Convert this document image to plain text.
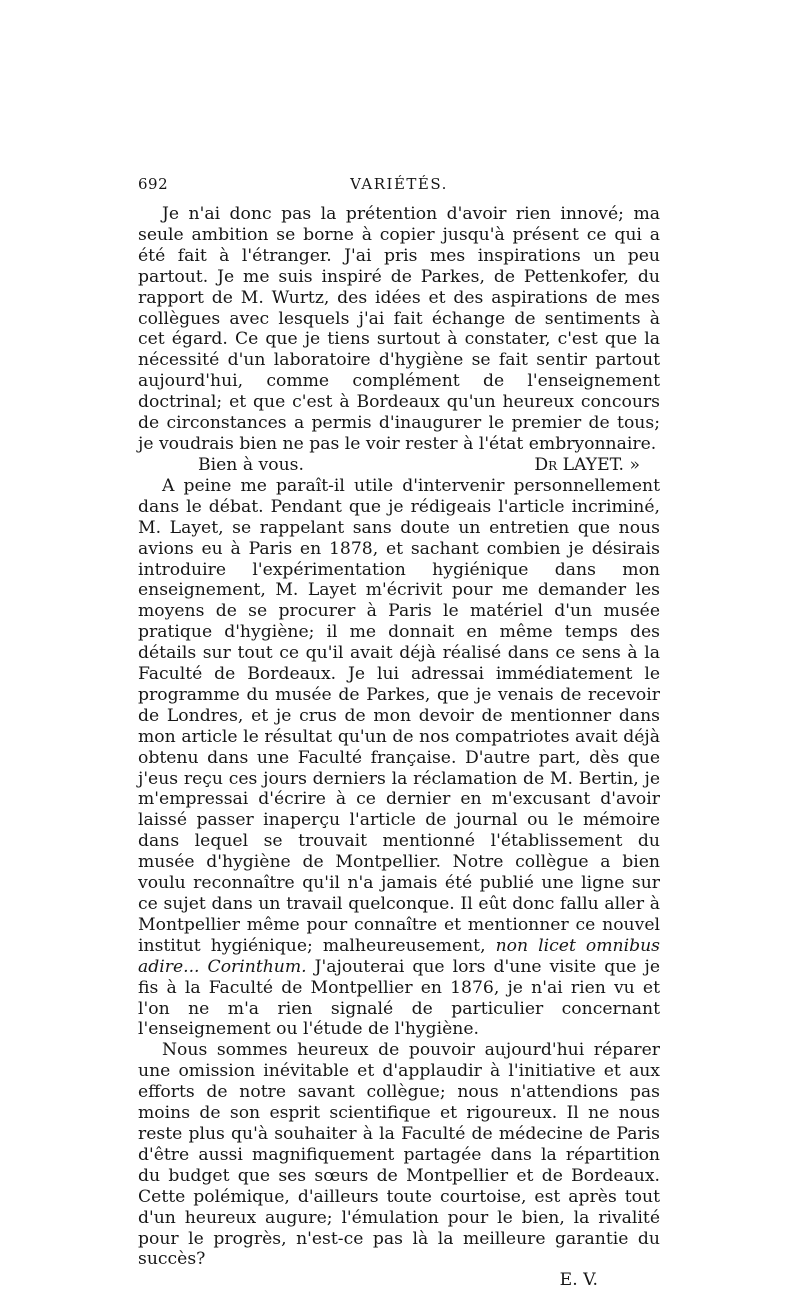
692	VARIÉTÉS.

Je n'ai donc pas la prétention d'avoir rien innové; ma seule ambition se borne à copier jusqu'à présent ce qui a été fait à l'étranger. J'ai pris mes inspirations un peu partout. Je me suis inspiré de Parkes, de Pettenkofer, du rapport de M. Wurtz, des idées et des aspirations de mes collègues avec lesquels j'ai fait échange de sentiments à cet égard. Ce que je tiens surtout à constater, c'est que la nécessité d'un laboratoire d'hygiène se fait sentir partout aujourd'hui, comme complément de l'enseignement doctrinal; et que c'est à Bordeaux qu'un heureux concours de circonstances a permis d'inaugurer le premier de tous; je voudrais bien ne pas le voir rester à l'état embryonnaire.

Bien à vous.	Dr LAYET. »

A peine me paraît-il utile d'intervenir personnellement dans le débat. Pendant que je rédigeais l'article incriminé, M. Layet, se rappelant sans doute un entretien que nous avions eu à Paris en 1878, et sachant combien je désirais introduire l'expérimentation hygiénique dans mon enseignement, M. Layet m'écrivit pour me demander les moyens de se procurer à Paris le matériel d'un musée pratique d'hygiène; il me donnait en même temps des détails sur tout ce qu'il avait déjà réalisé dans ce sens à la Faculté de Bordeaux. Je lui adressai immédiatement le programme du musée de Parkes, que je venais de recevoir de Londres, et je crus de mon devoir de mentionner dans mon article le résultat qu'un de nos compatriotes avait déjà obtenu dans une Faculté française. D'autre part, dès que j'eus reçu ces jours derniers la réclamation de M. Bertin, je m'empressai d'écrire à ce dernier en m'excusant d'avoir laissé passer inaperçu l'article de journal ou le mémoire dans lequel se trouvait mentionné l'établissement du musée d'hygiène de Montpellier. Notre collègue a bien voulu reconnaître qu'il n'a jamais été publié une ligne sur ce sujet dans un travail quelconque. Il eût donc fallu aller à Montpellier même pour connaître et mentionner ce nouvel institut hygiénique; malheureusement, non licet omnibus adire... Corinthum. J'ajouterai que lors d'une visite que je fis à la Faculté de Montpellier en 1876, je n'ai rien vu et l'on ne m'a rien signalé de particulier concernant l'enseignement ou l'étude de l'hygiène.

Nous sommes heureux de pouvoir aujourd'hui réparer une omission inévitable et d'applaudir à l'initiative et aux efforts de notre savant collègue; nous n'attendions pas moins de son esprit scientifique et rigoureux. Il ne nous reste plus qu'à souhaiter à la Faculté de médecine de Paris d'être aussi magnifiquement partagée dans la répartition du budget que ses sœurs de Montpellier et de Bordeaux. Cette polémique, d'ailleurs toute courtoise, est après tout d'un heureux augure; l'émulation pour le bien, la rivalité pour le progrès, n'est-ce pas là la meilleure garantie du succès?

E. V.
